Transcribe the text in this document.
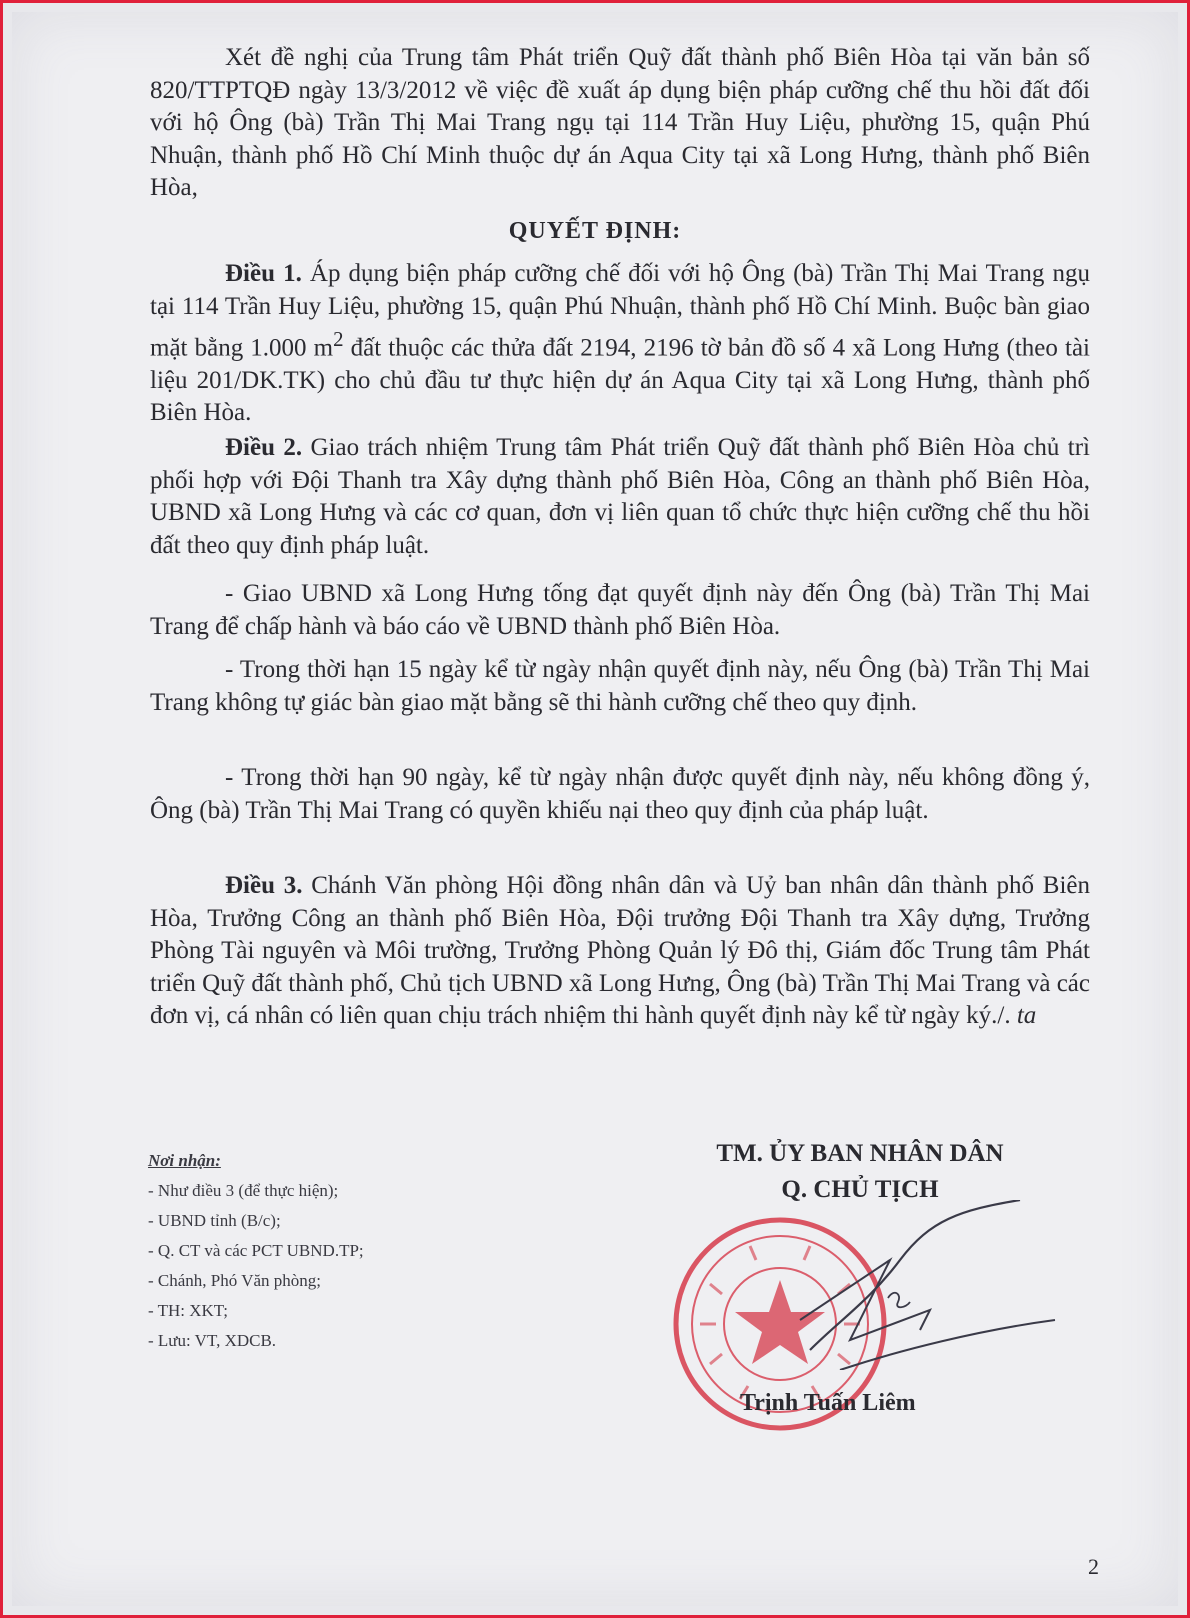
Xét đề nghị của Trung tâm Phát triển Quỹ đất thành phố Biên Hòa tại văn bản số 820/TTPTQĐ ngày 13/3/2012 về việc đề xuất áp dụng biện pháp cưỡng chế thu hồi đất đối với hộ Ông (bà) Trần Thị Mai Trang ngụ tại 114 Trần Huy Liệu, phường 15, quận Phú Nhuận, thành phố Hồ Chí Minh thuộc dự án Aqua City tại xã Long Hưng, thành phố Biên Hòa,

QUYẾT ĐỊNH:

Điều 1. Áp dụng biện pháp cưỡng chế đối với hộ Ông (bà) Trần Thị Mai Trang ngụ tại 114 Trần Huy Liệu, phường 15, quận Phú Nhuận, thành phố Hồ Chí Minh. Buộc bàn giao mặt bằng 1.000 $m^2$ đất thuộc các thửa đất 2194, 2196 tờ bản đồ số 4 xã Long Hưng (theo tài liệu 201/DK.TK) cho chủ đầu tư thực hiện dự án Aqua City tại xã Long Hưng, thành phố Biên Hòa.

Điều 2. Giao trách nhiệm Trung tâm Phát triển Quỹ đất thành phố Biên Hòa chủ trì phối hợp với Đội Thanh tra Xây dựng thành phố Biên Hòa, Công an thành phố Biên Hòa, UBND xã Long Hưng và các cơ quan, đơn vị liên quan tổ chức thực hiện cưỡng chế thu hồi đất theo quy định pháp luật.

- Giao UBND xã Long Hưng tống đạt quyết định này đến Ông (bà) Trần Thị Mai Trang để chấp hành và báo cáo về UBND thành phố Biên Hòa.

- Trong thời hạn 15 ngày kể từ ngày nhận quyết định này, nếu Ông (bà) Trần Thị Mai Trang không tự giác bàn giao mặt bằng sẽ thi hành cưỡng chế theo quy định.

- Trong thời hạn 90 ngày, kể từ ngày nhận được quyết định này, nếu không đồng ý, Ông (bà) Trần Thị Mai Trang có quyền khiếu nại theo quy định của pháp luật.

Điều 3. Chánh Văn phòng Hội đồng nhân dân và Uỷ ban nhân dân thành phố Biên Hòa, Trưởng Công an thành phố Biên Hòa, Đội trưởng Đội Thanh tra Xây dựng, Trưởng Phòng Tài nguyên và Môi trường, Trưởng Phòng Quản lý Đô thị, Giám đốc Trung tâm Phát triển Quỹ đất thành phố, Chủ tịch UBND xã Long Hưng, Ông (bà) Trần Thị Mai Trang và các đơn vị, cá nhân có liên quan chịu trách nhiệm thi hành quyết định này kể từ ngày ký./. ta

Nơi nhận:
- Như điều 3 (để thực hiện);
- UBND tỉnh (B/c);
- Q. CT và các PCT UBND.TP;
- Chánh, Phó Văn phòng;
- TH: XKT;
- Lưu: VT, XDCB.
TM. ỦY BAN NHÂN DÂN
Q. CHỦ TỊCH
Trịnh Tuấn Liêm
2
